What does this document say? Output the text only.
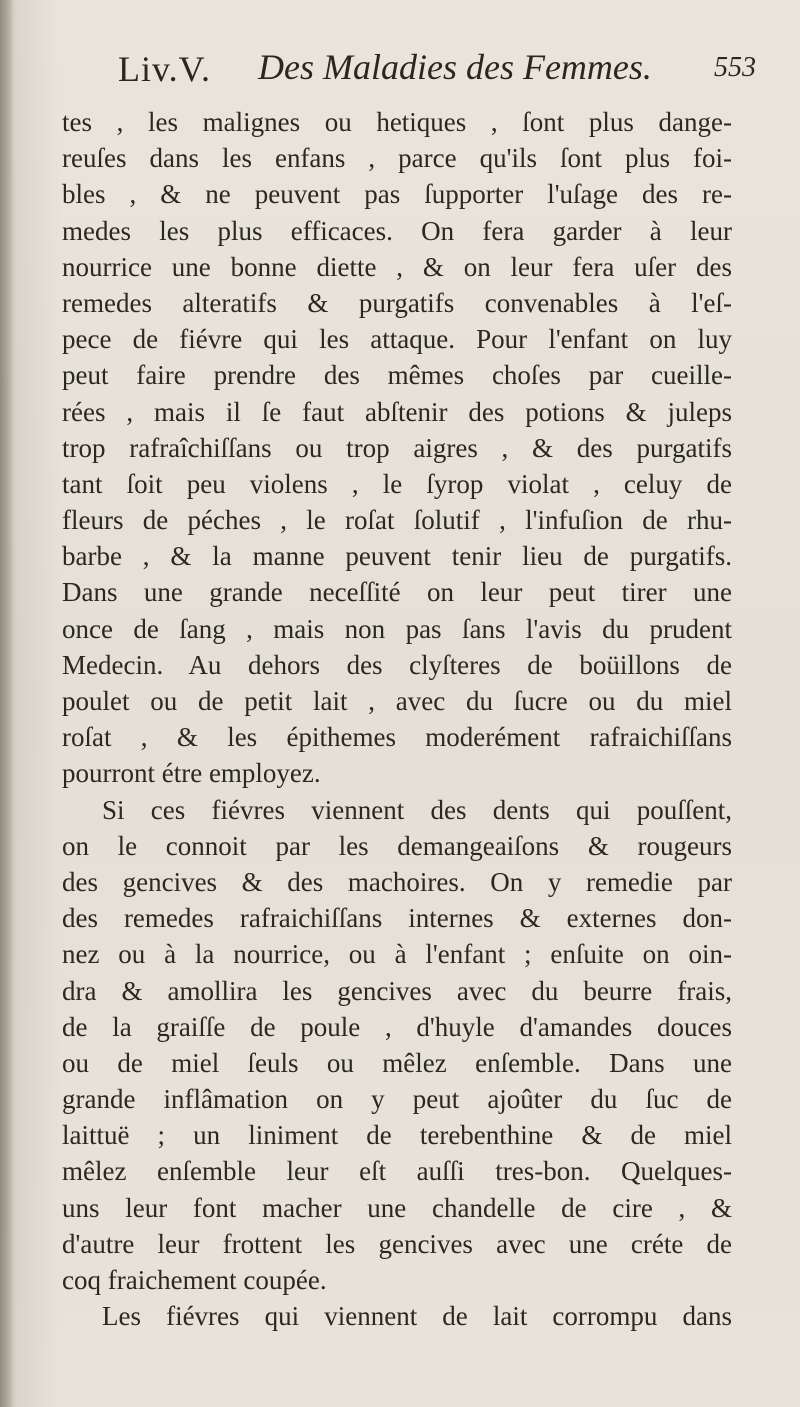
Liv.V. Des Maladies des Femmes. 553
tes , les malignes ou hetiques , ſont plus dange-
reuſes dans les enfans , parce qu'ils ſont plus foi-
bles , & ne peuvent pas ſupporter l'uſage des re-
medes les plus efficaces. On fera garder à leur
nourrice une bonne diette , & on leur fera uſer des
remedes alteratifs & purgatifs convenables à l'eſ-
pece de fiévre qui les attaque. Pour l'enfant on luy
peut faire prendre des mêmes choſes par cueille-
rées , mais il ſe faut abſtenir des potions & juleps
trop rafraîchiſſans ou trop aigres , & des purgatifs
tant ſoit peu violens , le ſyrop violat , celuy de
fleurs de péches , le roſat ſolutif , l'infuſion de rhu-
barbe , & la manne peuvent tenir lieu de purgatifs.
Dans une grande neceſſité on leur peut tirer une
once de ſang , mais non pas ſans l'avis du prudent
Medecin. Au dehors des clyſteres de boüillons de
poulet ou de petit lait , avec du ſucre ou du miel
roſat , & les épithemes moderément rafraichiſſans
pourront étre employez.
Si ces fiévres viennent des dents qui pouſſent,
on le connoit par les demangeaiſons & rougeurs
des gencives & des machoires. On y remedie par
des remedes rafraichiſſans internes & externes don-
nez ou à la nourrice, ou à l'enfant ; enſuite on oin-
dra & amollira les gencives avec du beurre frais,
de la graiſſe de poule , d'huyle d'amandes douces
ou de miel ſeuls ou mêlez enſemble. Dans une
grande inflâmation on y peut ajoûter du ſuc de
laittuë ; un liniment de terebenthine & de miel
mêlez enſemble leur eſt auſſi tres-bon. Quelques-
uns leur font macher une chandelle de cire , &
d'autre leur frottent les gencives avec une créte de
coq fraichement coupée.
Les fiévres qui viennent de lait corrompu dans
